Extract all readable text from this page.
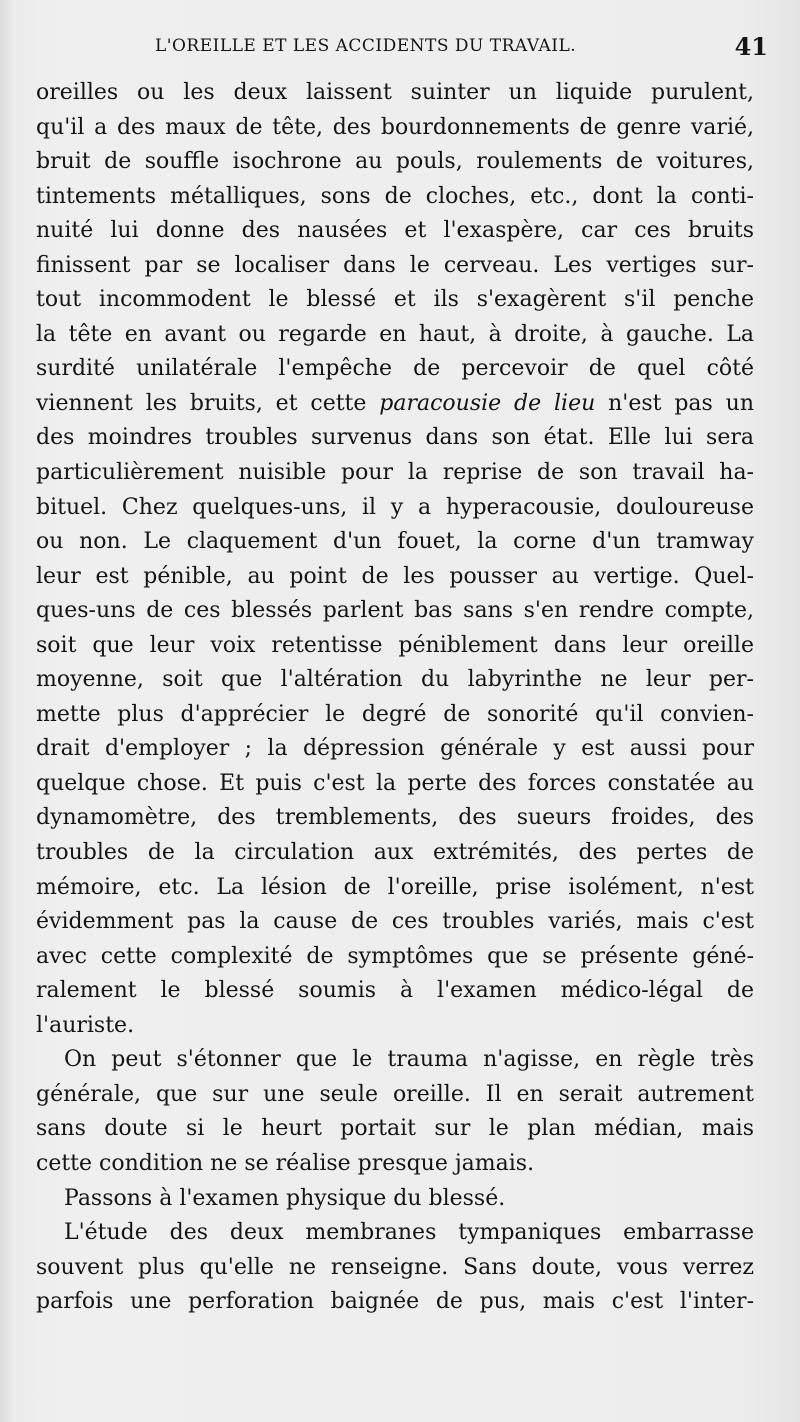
L'OREILLE ET LES ACCIDENTS DU TRAVAIL.	41
oreilles ou les deux laissent suinter un liquide purulent,
qu'il a des maux de tête, des bourdonnements de genre varié,
bruit de souffle isochrone au pouls, roulements de voitures,
tintements métalliques, sons de cloches, etc., dont la conti-
nuité lui donne des nausées et l'exaspère, car ces bruits
finissent par se localiser dans le cerveau. Les vertiges sur-
tout incommodent le blessé et ils s'exagèrent s'il penche
la tête en avant ou regarde en haut, à droite, à gauche. La
surdité unilatérale l'empêche de percevoir de quel côté
viennent les bruits, et cette paracousie de lieu n'est pas un
des moindres troubles survenus dans son état. Elle lui sera
particulièrement nuisible pour la reprise de son travail ha-
bituel. Chez quelques-uns, il y a hyperacousie, douloureuse
ou non. Le claquement d'un fouet, la corne d'un tramway
leur est pénible, au point de les pousser au vertige. Quel-
ques-uns de ces blessés parlent bas sans s'en rendre compte,
soit que leur voix retentisse péniblement dans leur oreille
moyenne, soit que l'altération du labyrinthe ne leur per-
mette plus d'apprécier le degré de sonorité qu'il convien-
drait d'employer ; la dépression générale y est aussi pour
quelque chose. Et puis c'est la perte des forces constatée au
dynamomètre, des tremblements, des sueurs froides, des
troubles de la circulation aux extrémités, des pertes de
mémoire, etc. La lésion de l'oreille, prise isolément, n'est
évidemment pas la cause de ces troubles variés, mais c'est
avec cette complexité de symptômes que se présente géné-
ralement le blessé soumis à l'examen médico-légal de
l'auriste.
On peut s'étonner que le trauma n'agisse, en règle très
générale, que sur une seule oreille. Il en serait autrement
sans doute si le heurt portait sur le plan médian, mais
cette condition ne se réalise presque jamais.
Passons à l'examen physique du blessé.
L'étude des deux membranes tympaniques embarrasse
souvent plus qu'elle ne renseigne. Sans doute, vous verrez
parfois une perforation baignée de pus, mais c'est l'inter-
